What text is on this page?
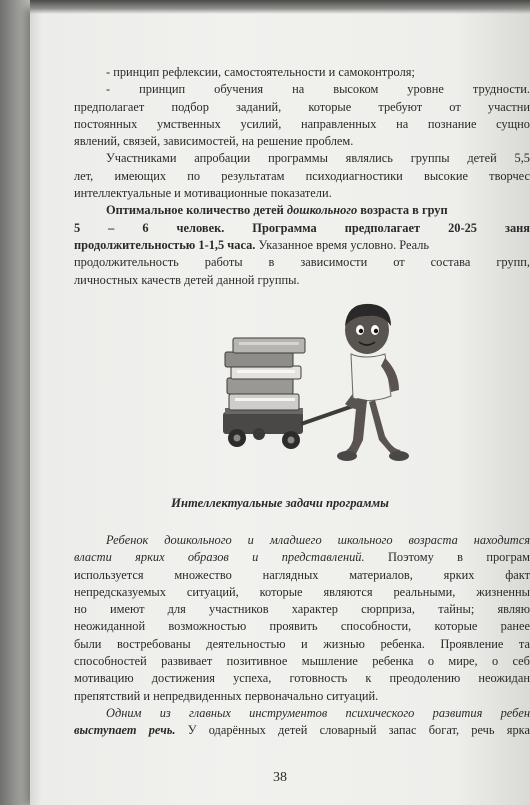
- принцип рефлексии, самостоятельности и самоконтроля;
- принцип обучения на высоком уровне трудности.
предполагает подбор заданий, которые требуют от участни
постоянных умственных усилий, направленных на познание сущно
явлений, связей, зависимостей, на решение проблем.
Участниками апробации программы являлись группы детей 5,5
лет, имеющих по результатам психодиагностики высокие творчес
интеллектуальные и мотивационные показатели.
Оптимальное количество детей дошкольного возраста в груп
5 – 6 человек. Программа предполагает 20-25 заня
продолжительностью 1-1,5 часа. Указанное время условно. Реаль
продолжительность работы в зависимости от состава групп,
личностных качеств детей данной группы.
Интеллектуальные задачи программы
Ребенок дошкольного и младшего школьного возраста находится
власти ярких образов и представлений. Поэтому в програм
используется множество наглядных материалов, ярких факт
непредсказуемых ситуаций, которые являются реальными, жизненны
но имеют для участников характер сюрприза, тайны; являю
неожиданной возможностью проявить способности, которые ранее
были востребованы деятельностью и жизнью ребенка. Проявление та
способностей развивает позитивное мышление ребенка о мире, о себ
мотивацию достижения успеха, готовность к преодолению неожидан
препятствий и непредвиденных первоначально ситуаций.
Одним из главных инструментов психического развития ребен
выступает речь. У одарённых детей словарный запас богат, речь ярка
38
